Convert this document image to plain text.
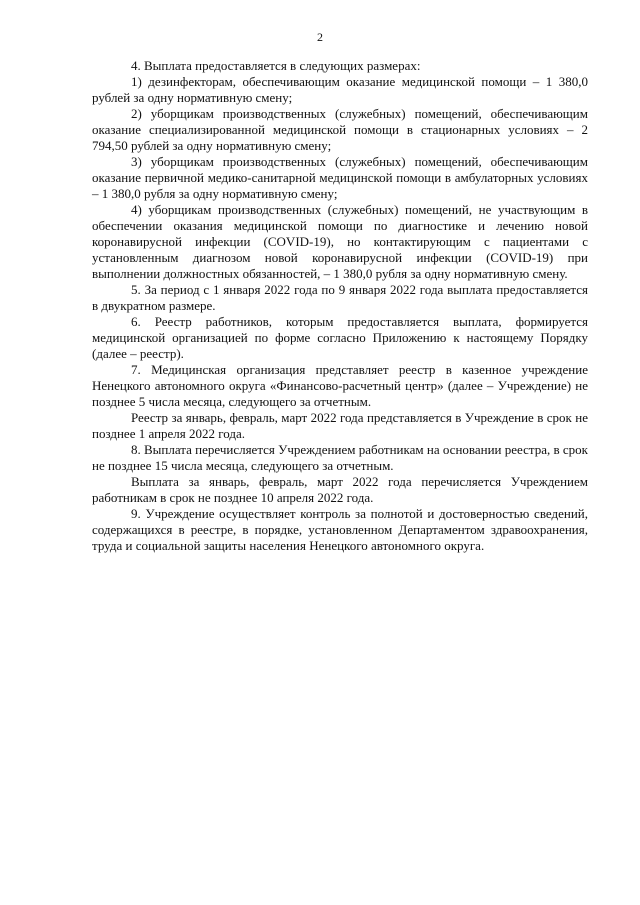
2

4. Выплата предоставляется в следующих размерах:

1) дезинфекторам, обеспечивающим оказание медицинской помощи – 1 380,0 рублей за одну нормативную смену;

2) уборщикам производственных (служебных) помещений, обеспечивающим оказание специализированной медицинской помощи в стационарных условиях – 2 794,50 рублей за одну нормативную смену;

3) уборщикам производственных (служебных) помещений, обеспечивающим оказание первичной медико-санитарной медицинской помощи в амбулаторных условиях – 1 380,0 рубля за одну нормативную смену;

4) уборщикам производственных (служебных) помещений, не участвующим в обеспечении оказания медицинской помощи по диагностике и лечению новой коронавирусной инфекции (COVID-19), но контактирующим с пациентами с установленным диагнозом новой коронавирусной инфекции (COVID-19) при выполнении должностных обязанностей, – 1 380,0 рубля за одну нормативную смену.

5. За период с 1 января 2022 года по 9 января 2022 года выплата предоставляется в двукратном размере.

6. Реестр работников, которым предоставляется выплата, формируется медицинской организацией по форме согласно Приложению к настоящему Порядку (далее – реестр).

7. Медицинская организация представляет реестр в казенное учреждение Ненецкого автономного округа «Финансово-расчетный центр» (далее – Учреждение) не позднее 5 числа месяца, следующего за отчетным.

Реестр за январь, февраль, март 2022 года представляется в Учреждение в срок не позднее 1 апреля 2022 года.

8. Выплата перечисляется Учреждением работникам на основании реестра, в срок не позднее 15 числа месяца, следующего за отчетным.

Выплата за январь, февраль, март 2022 года перечисляется Учреждением работникам в срок не позднее 10 апреля 2022 года.

9. Учреждение осуществляет контроль за полнотой и достоверностью сведений, содержащихся в реестре, в порядке, установленном Департаментом здравоохранения, труда и социальной защиты населения Ненецкого автономного округа.
